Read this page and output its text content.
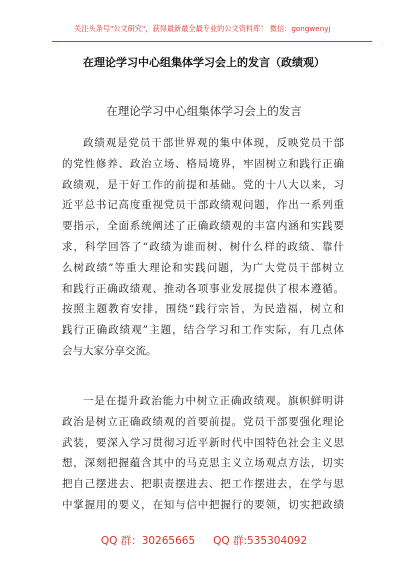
关注头条号"公文研究"，获得最新最全最专业的公文资料库！ 微信：gongwenyj
在理论学习中心组集体学习会上的发言（政绩观）
在理论学习中心组集体学习会上的发言
政绩观是党员干部世界观的集中体现，反映党员干部
的党性修养、政治立场、格局境界，牢固树立和践行正确
政绩观，是干好工作的前提和基础。党的十八大以来，习
近平总书记高度重视党员干部政绩观问题，作出一系列重
要指示，全面系统阐述了正确政绩观的丰富内涵和实践要
求，科学回答了“政绩为谁而树、树什么样的政绩、靠什
么树政绩”等重大理论和实践问题，为广大党员干部树立
和践行正确政绩观、推动各项事业发展提供了根本遵循。
按照主题教育安排，围绕“践行宗旨，为民造福，树立和
践行正确政绩观”主题，结合学习和工作实际，有几点体
会与大家分享交流。
一是在提升政治能力中树立正确政绩观。旗帜鲜明讲
政治是树立正确政绩观的首要前提。党员干部要强化理论
武装，要深入学习贯彻习近平新时代中国特色社会主义思
想，深刻把握蕴含其中的马克思主义立场观点方法，切实
把自己摆进去、把职责摆进去、把工作摆进去，在学与思
中掌握用的要义，在知与信中把握行的要领，切实把政绩
QQ 群：30265665 QQ 群:535304092
